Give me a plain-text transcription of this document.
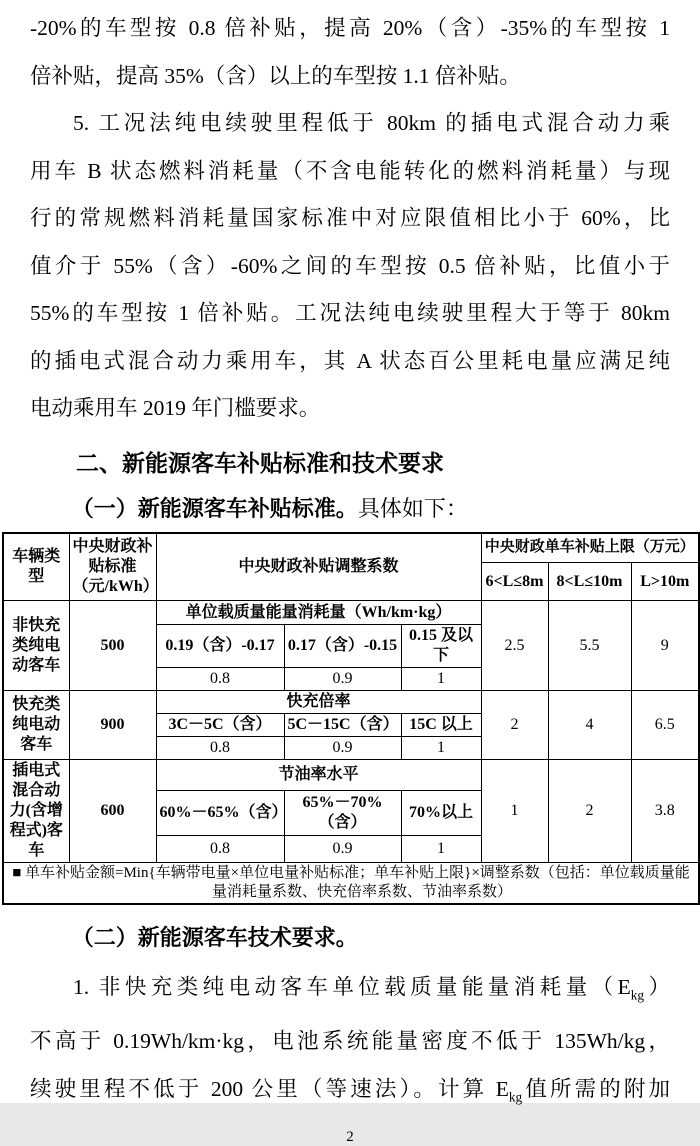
-20%的车型按 0.8 倍补贴，提高 20%（含）-35%的车型按 1
倍补贴，提高 35%（含）以上的车型按 1.1 倍补贴。
5. 工况法纯电续驶里程低于 80km 的插电式混合动力乘
用车 B 状态燃料消耗量（不含电能转化的燃料消耗量）与现
行的常规燃料消耗量国家标准中对应限值相比小于 60%，比
值介于 55%（含）-60%之间的车型按 0.5 倍补贴，比值小于
55%的车型按 1 倍补贴。工况法纯电续驶里程大于等于 80km
的插电式混合动力乘用车，其 A 状态百公里耗电量应满足纯
电动乘用车 2019 年门槛要求。
二、新能源客车补贴标准和技术要求
（一）新能源客车补贴标准。具体如下：
车辆类型	中央财政补贴标准（元/kWh）	中央财政补贴调整系数			中央财政单车补贴上限（万元）		
					6<L≤8m	8<L≤10m	L>10m
非快充类纯电动客车	500	单位载质量能量消耗量（Wh/km·kg）			2.5	5.5	9
		0.19（含）-0.17	0.17（含）-0.15	0.15 及以下			
		0.8	0.9	1			
快充类纯电动客车	900	快充倍率			2	4	6.5
		3C－5C（含）	5C－15C（含）	15C 以上			
		0.8	0.9	1			
插电式混合动力(含增程式)客车	600	节油率水平			1	2	3.8
		60%－65%（含）	65%－70%（含）	70%以上			
		0.8	0.9	1			

■ 单车补贴金额=Min{车辆带电量×单位电量补贴标准；单车补贴上限}×调整系数（包括：单位载质量能量消耗量系数、快充倍率系数、节油率系数）							
（二）新能源客车技术要求。
1. 非快充类纯电动客车单位载质量能量消耗量$(E_{kg})$
不高于 0.19Wh/km·kg，电池系统能量密度不低于 135Wh/kg，
续驶里程不低于 200 公里（等速法）。计算 $E_{kg}$值所需的附加
2
